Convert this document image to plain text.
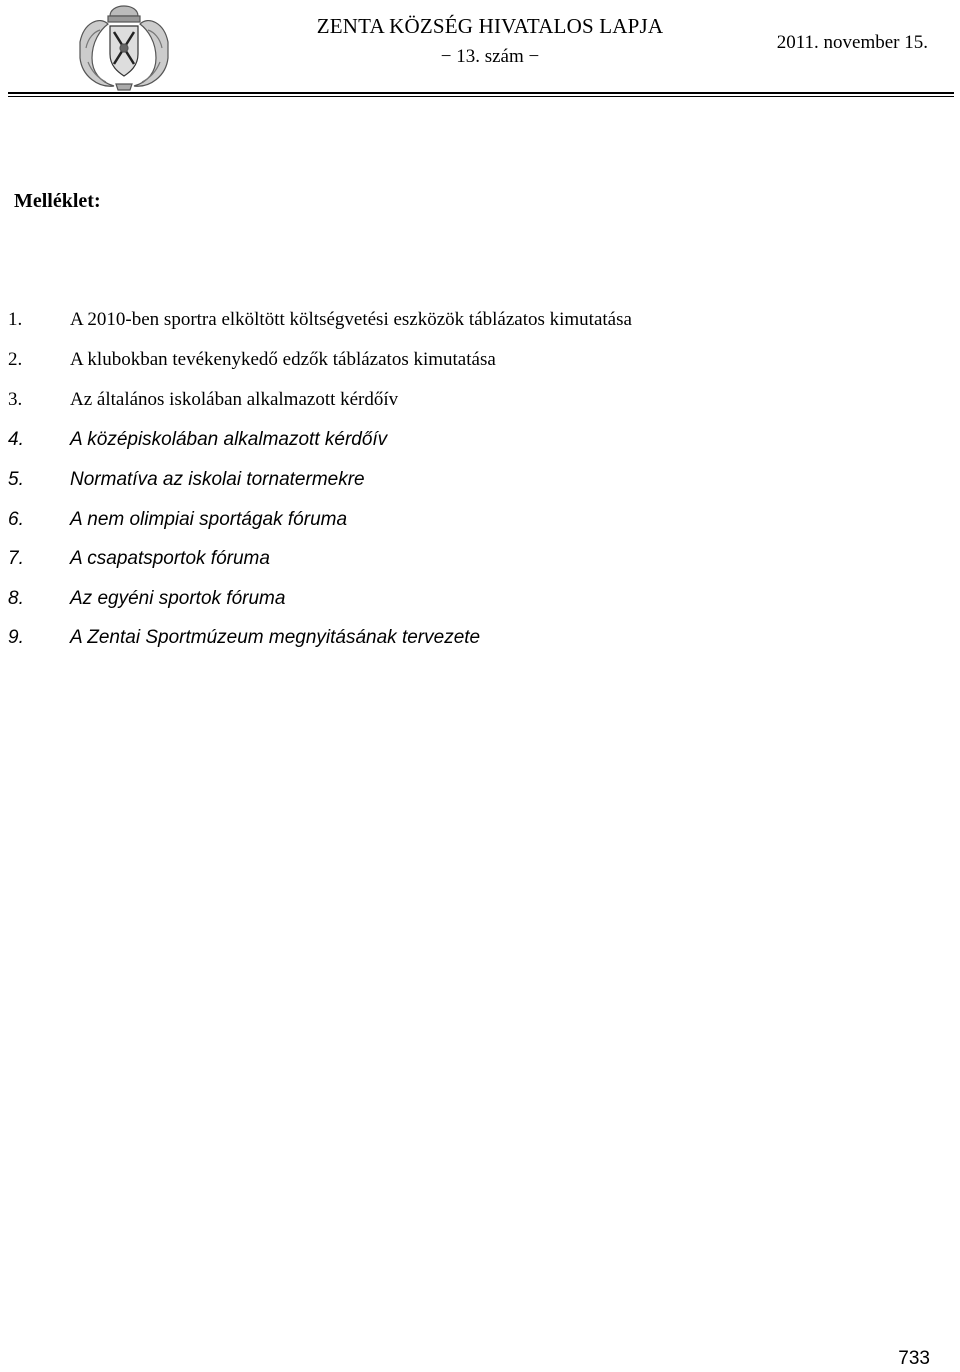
ZENTA KÖZSÉG HIVATALOS LAPJA
− 13. szám −
2011. november 15.
Melléklet:
1.	A 2010-ben sportra elköltött költségvetési eszközök táblázatos kimutatása
2.	A klubokban tevékenykedő edzők táblázatos kimutatása
3.	Az általános iskolában alkalmazott kérdőív
4. A középiskolában alkalmazott kérdőív
5. Normatíva az iskolai tornatermekre
6. A nem olimpiai sportágak fóruma
7. A csapatsportok fóruma
8. Az egyéni sportok fóruma
9. A Zentai Sportmúzeum megnyitásának tervezete
733
